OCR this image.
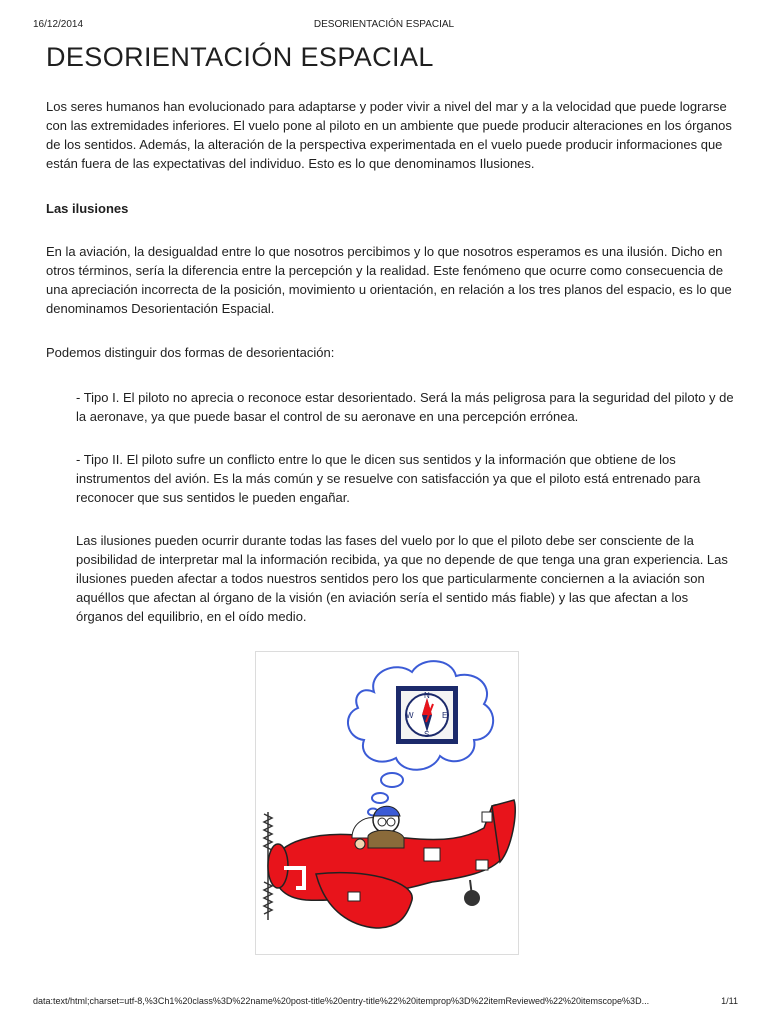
16/12/2014	DESORIENTACIÓN ESPACIAL
DESORIENTACIÓN ESPACIAL

Los seres humanos han evolucionado para adaptarse y poder vivir a nivel del mar y a la velocidad que puede lograrse con las extremidades inferiores. El vuelo pone al piloto en un ambiente que puede producir alteraciones en los órganos de los sentidos. Además, la alteración de la perspectiva experimentada en el vuelo puede producir informaciones que están fuera de las expectativas del individuo. Esto es lo que denominamos Ilusiones.

Las ilusiones

En la aviación, la desigualdad entre lo que nosotros percibimos y lo que nosotros esperamos es una ilusión. Dicho en otros términos, sería la diferencia entre la percepción y la realidad. Este fenómeno que ocurre como consecuencia de una apreciación incorrecta de la posición, movimiento u orientación, en relación a los tres planos del espacio, es lo que denominamos Desorientación Espacial.

Podemos distinguir dos formas de desorientación:

- Tipo I. El piloto no aprecia o reconoce estar desorientado. Será la más peligrosa para la seguridad del piloto y de la aeronave, ya que puede basar el control de su aeronave en una percepción errónea.

- Tipo II. El piloto sufre un conflicto entre lo que le dicen sus sentidos y la información que obtiene de los instrumentos del avión. Es la más común y se resuelve con satisfacción ya que el piloto está entrenado para reconocer que sus sentidos le pueden engañar.

Las ilusiones pueden ocurrir durante todas las fases del vuelo por lo que el piloto debe ser consciente de la posibilidad de interpretar mal la información recibida, ya que no depende de que tenga una gran experiencia. Las ilusiones pueden afectar a todos nuestros sentidos pero los que particularmente conciernen a la aviación son aquéllos que afectan al órgano de la visión (en aviación sería el sentido más fiable) y las que afectan a los órganos del equilibrio, en el oído medio.

N
E
S
W
data:text/html;charset=utf-8,%3Ch1%20class%3D%22name%20post-title%20entry-title%22%20itemprop%3D%22itemReviewed%22%20itemscope%3D...	1/11
